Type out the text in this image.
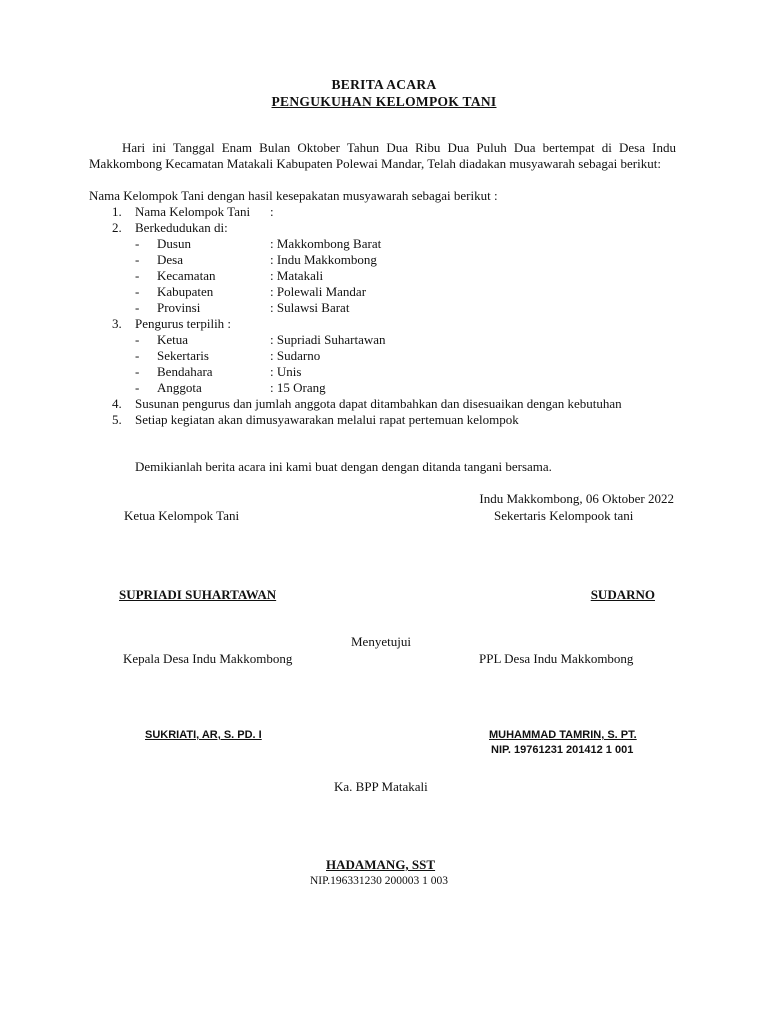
BERITA ACARA
PENGUKUHAN KELOMPOK TANI
Hari ini Tanggal Enam Bulan Oktober Tahun Dua Ribu Dua Puluh Dua bertempat di Desa Indu Makkombong Kecamatan Matakali Kabupaten Polewai Mandar, Telah diadakan musyawarah sebagai berikut:
Nama Kelompok Tani dengan hasil kesepakatan musyawarah sebagai berikut :
1. Nama Kelompok Tani :
2. Berkedudukan di:
- Dusun	: Makkombong Barat
- Desa	: Indu Makkombong
- Kecamatan	: Matakali
- Kabupaten	: Polewali Mandar
- Provinsi	: Sulawsi Barat
3. Pengurus terpilih :
- Ketua	: Supriadi Suhartawan
- Sekertaris	: Sudarno
- Bendahara	: Unis
- Anggota	: 15 Orang
4. Susunan pengurus dan jumlah anggota dapat ditambahkan dan disesuaikan dengan kebutuhan
5. Setiap kegiatan akan dimusyawarakan melalui rapat pertemuan kelompok
Demikianlah berita acara ini kami buat dengan dengan ditanda tangani bersama.
Indu Makkombong, 06 Oktober 2022
Ketua Kelompok Tani	Sekertaris Kelompook tani
SUPRIADI SUHARTAWAN	SUDARNO
Menyetujui
Kepala Desa Indu Makkombong	PPL Desa Indu Makkombong
SUKRIATI, AR, S. PD. I	MUHAMMAD TAMRIN, S. PT.
NIP. 19761231 201412 1 001
Ka. BPP Matakali
HADAMANG, SST
NIP.196331230 200003 1 003
